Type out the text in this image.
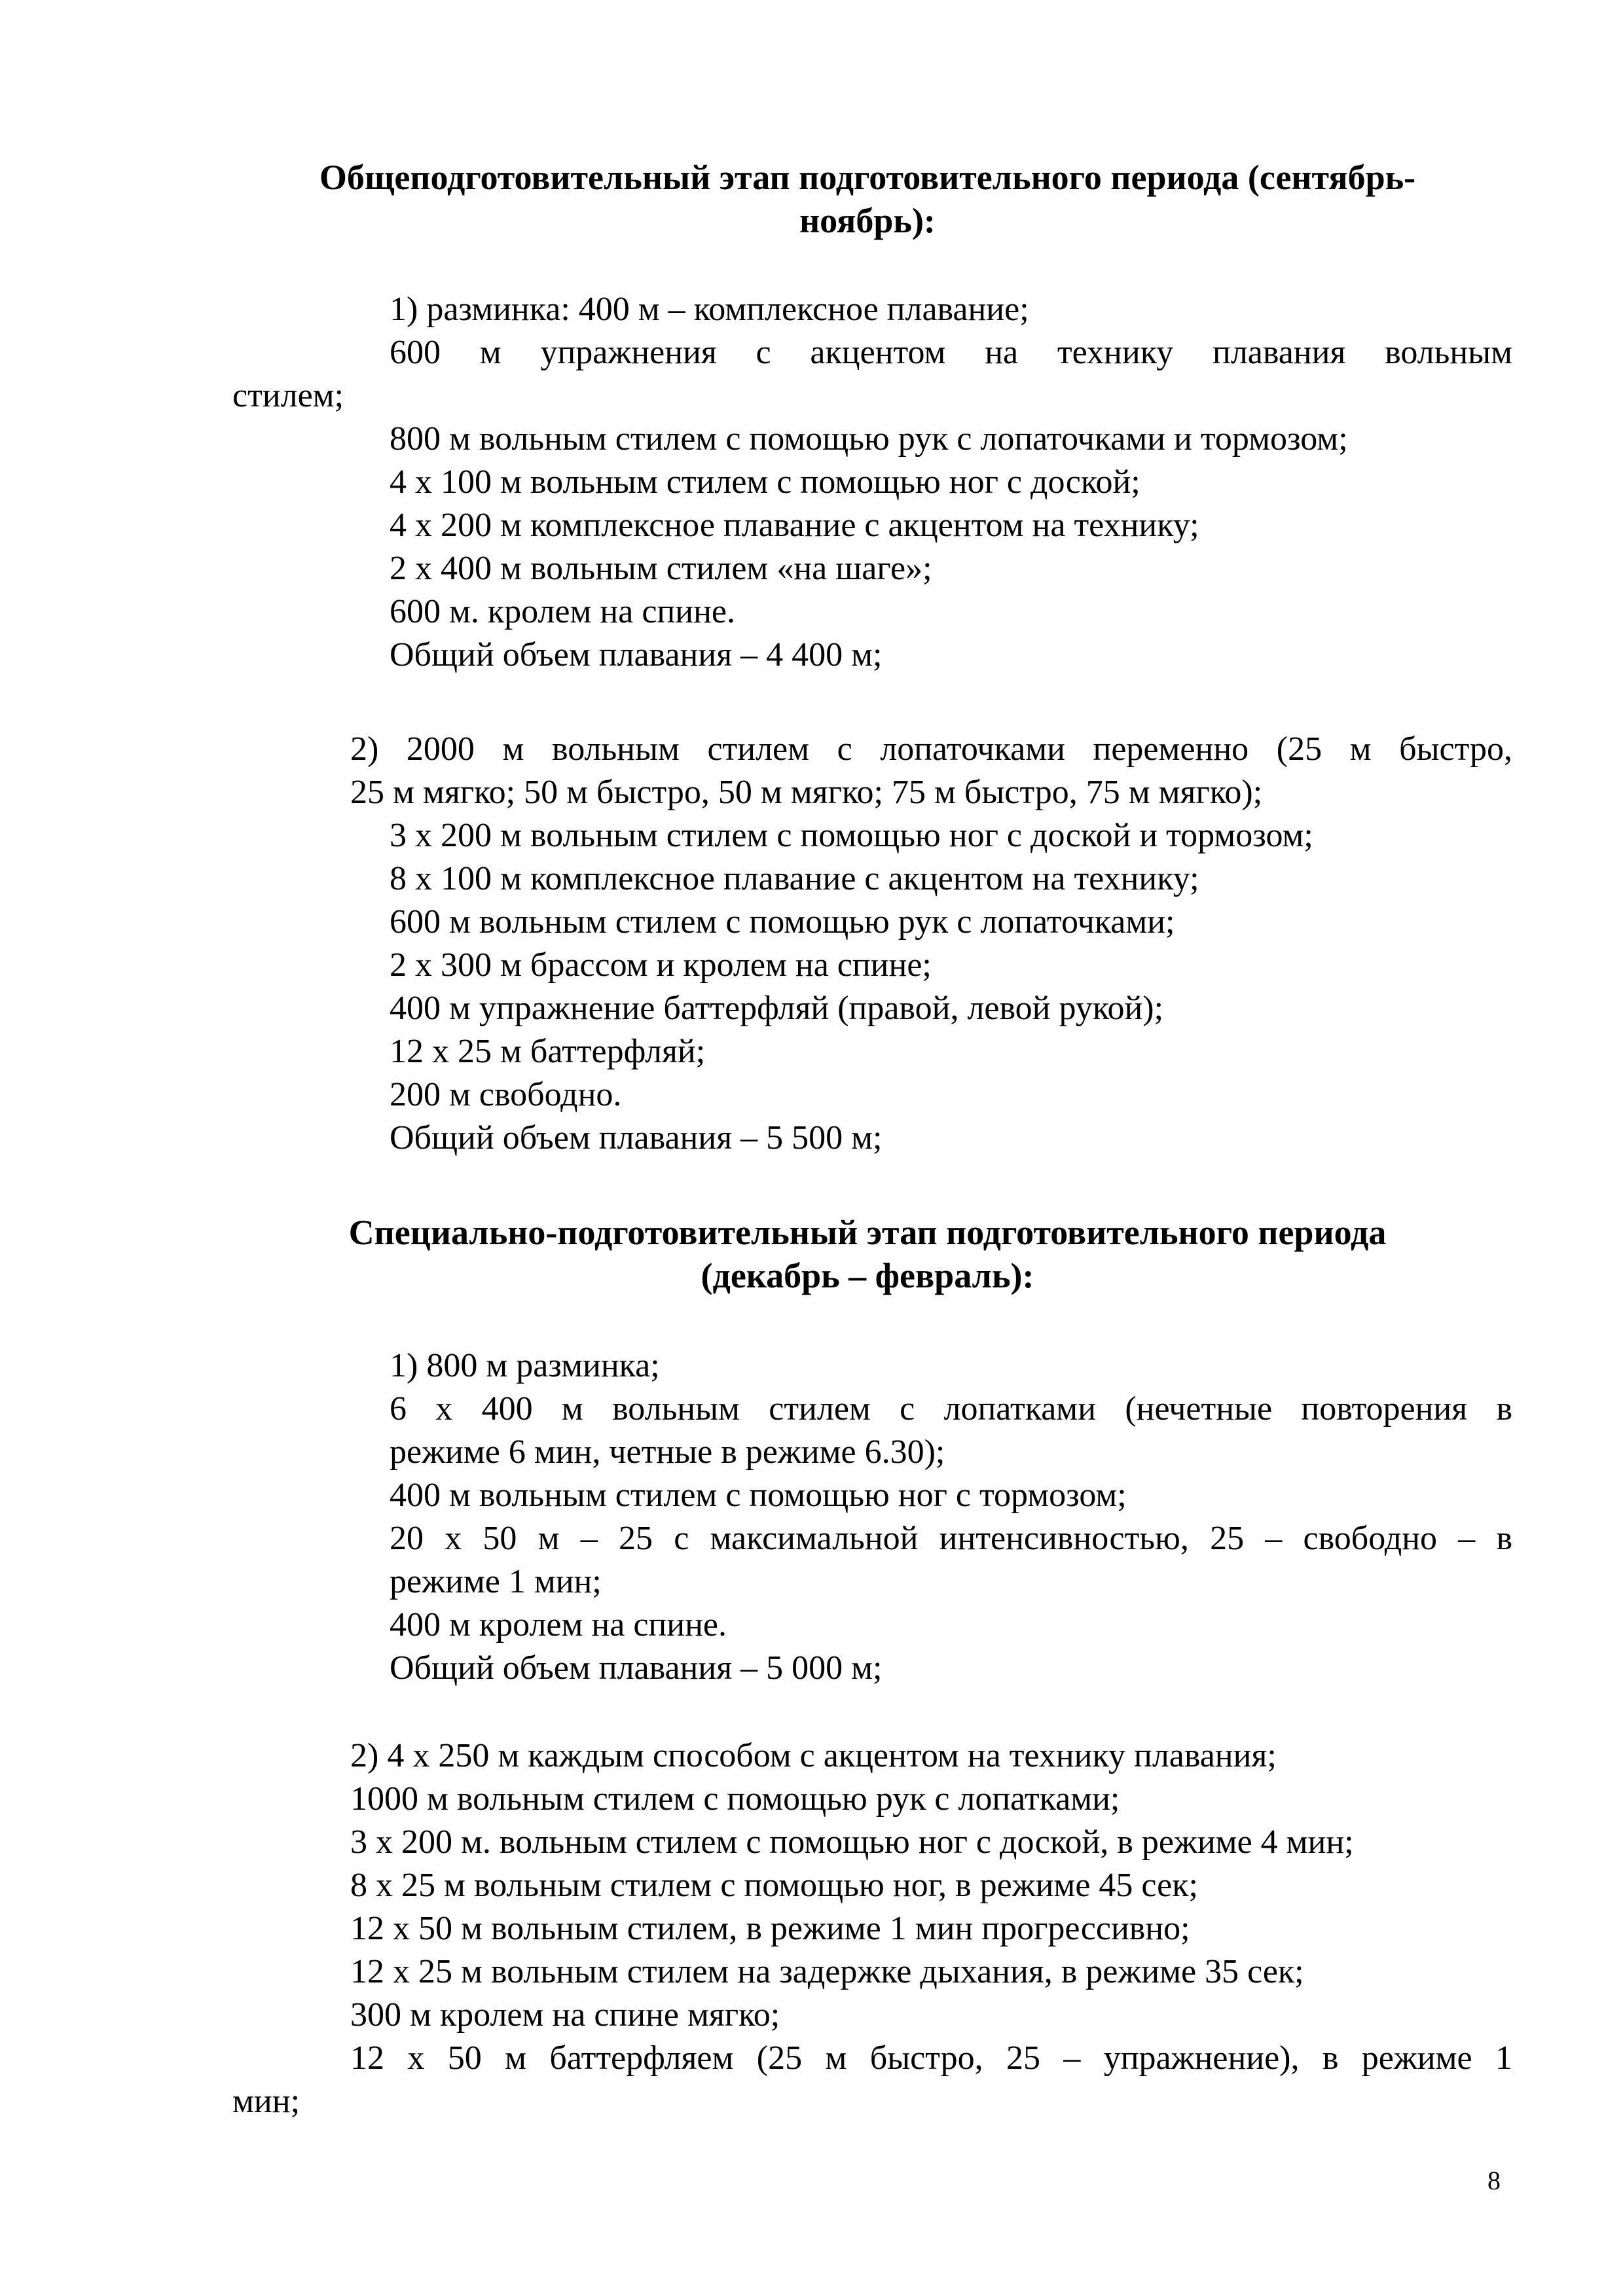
Общеподготовительный этап подготовительного периода (сентябрь-

ноябрь):

1) разминка: 400 м – комплексное плавание;

600 м упражнения с акцентом на технику плавания вольным

стилем;

800 м вольным стилем с помощью рук с лопаточками и тормозом;

4 х 100 м вольным стилем с помощью ног с доской;

4 х 200 м комплексное плавание с акцентом на технику;

2 х 400 м вольным стилем «на шаге»;

600 м. кролем на спине.

Общий объем плавания – 4 400 м;

2) 2000 м вольным стилем с лопаточками переменно (25 м быстро,

25 м мягко; 50 м быстро, 50 м мягко; 75 м быстро, 75 м мягко);

3 х 200 м вольным стилем с помощью ног с доской и тормозом;

8 х 100 м комплексное плавание с акцентом на технику;

600 м вольным стилем с помощью рук с лопаточками;

2 х 300 м брассом и кролем на спине;

400 м упражнение баттерфляй (правой, левой рукой);

12 х 25 м баттерфляй;

200 м свободно.

Общий объем плавания – 5 500 м;

Специально-подготовительный этап подготовительного периода

(декабрь – февраль):

1) 800 м разминка;

6 х 400 м вольным стилем с лопатками (нечетные повторения в

режиме 6 мин, четные в режиме 6.30);

400 м вольным стилем с помощью ног с тормозом;

20 х 50 м – 25 с максимальной интенсивностью, 25 – свободно – в

режиме 1 мин;

400 м кролем на спине.

Общий объем плавания – 5 000 м;

2) 4 х 250 м каждым способом с акцентом на технику плавания;

1000 м вольным стилем с помощью рук с лопатками;

3 х 200 м. вольным стилем с помощью ног с доской, в режиме 4 мин;

8 х 25 м вольным стилем с помощью ног, в режиме 45 сек;

12 х 50 м вольным стилем, в режиме 1 мин прогрессивно;

12 х 25 м вольным стилем на задержке дыхания, в режиме 35 сек;

300 м кролем на спине мягко;

12 х 50 м баттерфляем (25 м быстро, 25 – упражнение), в режиме 1

мин;

8
